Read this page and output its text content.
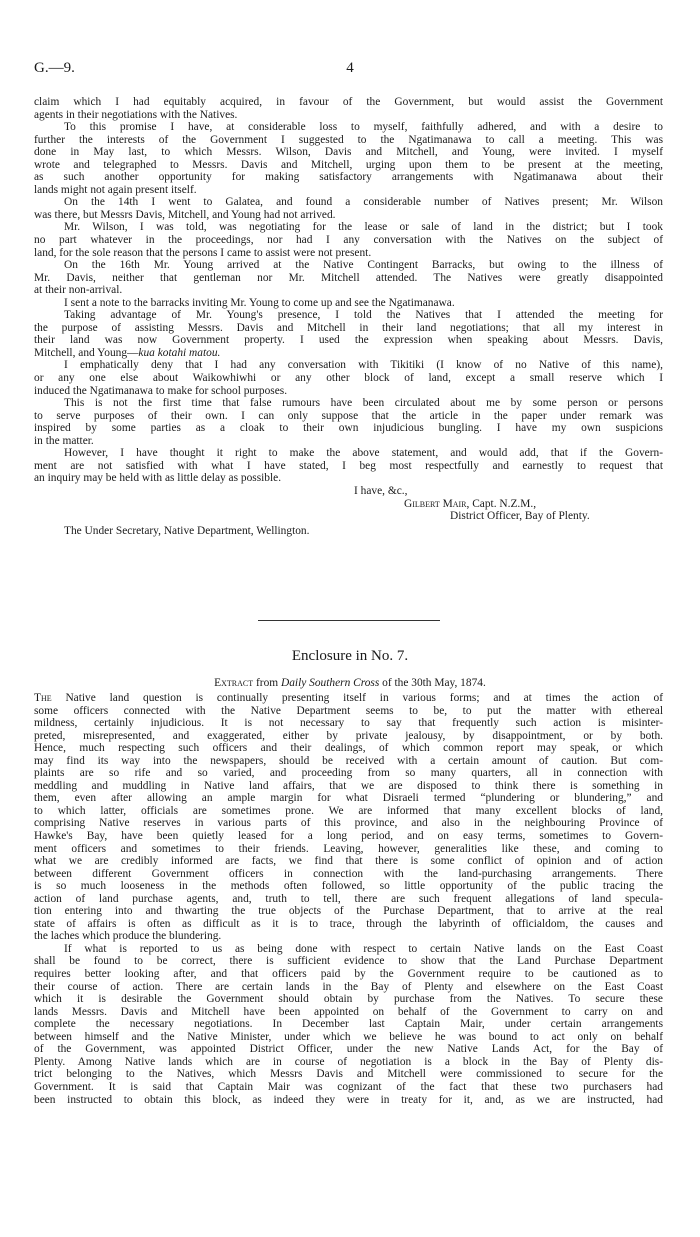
G.—9.	4
claim which I had equitably acquired, in favour of the Government, but would assist the Government
agents in their negotiations with the Natives.
To this promise I have, at considerable loss to myself, faithfully adhered, and with a desire to
further the interests of the Government I suggested to the Ngatimanawa to call a meeting. This was
done in May last, to which Messrs. Wilson, Davis and Mitchell, and Young, were invited. I myself
wrote and telegraphed to Messrs. Davis and Mitchell, urging upon them to be present at the meeting,
as such another opportunity for making satisfactory arrangements with Ngatimanawa about their
lands might not again present itself.
On the 14th I went to Galatea, and found a considerable number of Natives present; Mr. Wilson
was there, but Messrs Davis, Mitchell, and Young had not arrived.
Mr. Wilson, I was told, was negotiating for the lease or sale of land in the district; but I took
no part whatever in the proceedings, nor had I any conversation with the Natives on the subject of
land, for the sole reason that the persons I came to assist were not present.
On the 16th Mr. Young arrived at the Native Contingent Barracks, but owing to the illness of
Mr. Davis, neither that gentleman nor Mr. Mitchell attended. The Natives were greatly disappointed
at their non-arrival.
I sent a note to the barracks inviting Mr. Young to come up and see the Ngatimanawa.
Taking advantage of Mr. Young's presence, I told the Natives that I attended the meeting for
the purpose of assisting Messrs. Davis and Mitchell in their land negotiations; that all my interest in
their land was now Government property. I used the expression when speaking about Messrs. Davis,
Mitchell, and Young—kua kotahi matou.
I emphatically deny that I had any conversation with Tikitiki (I know of no Native of this name),
or any one else about Waikowhiwhi or any other block of land, except a small reserve which I
induced the Ngatimanawa to make for school purposes.
This is not the first time that false rumours have been circulated about me by some person or persons
to serve purposes of their own. I can only suppose that the article in the paper under remark was
inspired by some parties as a cloak to their own injudicious bungling. I have my own suspicions
in the matter.
However, I have thought it right to make the above statement, and would add, that if the Govern-
ment are not satisfied with what I have stated, I beg most respectfully and earnestly to request that
an inquiry may be held with as little delay as possible.
I have, &c.,
Gilbert Mair, Capt. N.Z.M.,
District Officer, Bay of Plenty.
The Under Secretary, Native Department, Wellington.
Enclosure in No. 7.
Extract from Daily Southern Cross of the 30th May, 1874.
The Native land question is continually presenting itself in various forms; and at times the action of
some officers connected with the Native Department seems to be, to put the matter with ethereal
mildness, certainly injudicious. It is not necessary to say that frequently such action is misinter-
preted, misrepresented, and exaggerated, either by private jealousy, by disappointment, or by both.
Hence, much respecting such officers and their dealings, of which common report may speak, or which
may find its way into the newspapers, should be received with a certain amount of caution. But com-
plaints are so rife and so varied, and proceeding from so many quarters, all in connection with
meddling and muddling in Native land affairs, that we are disposed to think there is something in
them, even after allowing an ample margin for what Disraeli termed “plundering or blundering,” and
to which latter, officials are sometimes prone. We are informed that many excellent blocks of land,
comprising Native reserves in various parts of this province, and also in the neighbouring Province of
Hawke's Bay, have been quietly leased for a long period, and on easy terms, sometimes to Govern-
ment officers and sometimes to their friends. Leaving, however, generalities like these, and coming to
what we are credibly informed are facts, we find that there is some conflict of opinion and of action
between different Government officers in connection with the land-purchasing arrangements. There
is so much looseness in the methods often followed, so little opportunity of the public tracing the
action of land purchase agents, and, truth to tell, there are such frequent allegations of land specula-
tion entering into and thwarting the true objects of the Purchase Department, that to arrive at the real
state of affairs is often as difficult as it is to trace, through the labyrinth of officialdom, the causes and
the laches which produce the blundering.
If what is reported to us as being done with respect to certain Native lands on the East Coast
shall be found to be correct, there is sufficient evidence to show that the Land Purchase Department
requires better looking after, and that officers paid by the Government require to be cautioned as to
their course of action. There are certain lands in the Bay of Plenty and elsewhere on the East Coast
which it is desirable the Government should obtain by purchase from the Natives. To secure these
lands Messrs. Davis and Mitchell have been appointed on behalf of the Government to carry on and
complete the necessary negotiations. In December last Captain Mair, under certain arrangements
between himself and the Native Minister, under which we believe he was bound to act only on behalf
of the Government, was appointed District Officer, under the new Native Lands Act, for the Bay of
Plenty. Among Native lands which are in course of negotiation is a block in the Bay of Plenty dis-
trict belonging to the Natives, which Messrs Davis and Mitchell were commissioned to secure for the
Government. It is said that Captain Mair was cognizant of the fact that these two purchasers had
been instructed to obtain this block, as indeed they were in treaty for it, and, as we are instructed, had
